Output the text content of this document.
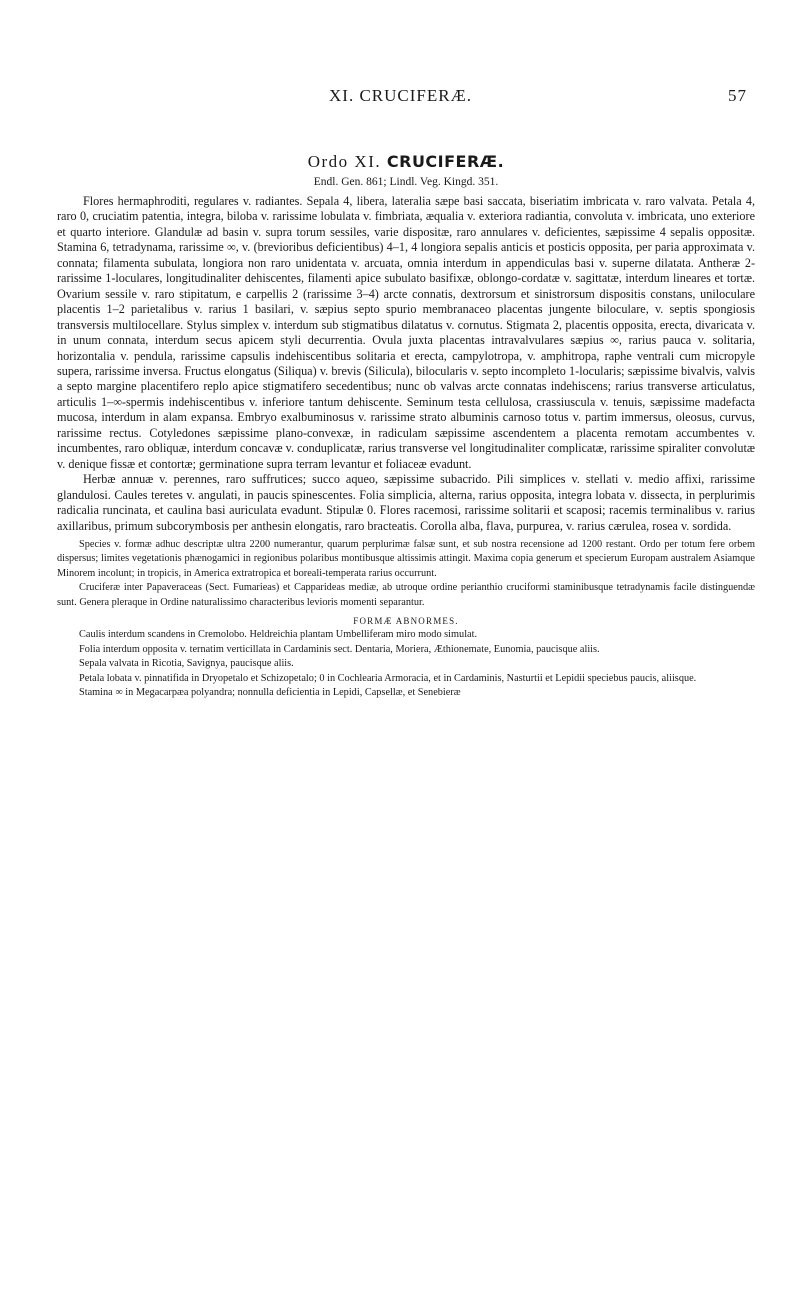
XI. CRUCIFERÆ.	57
Ordo XI. CRUCIFERÆ.
Endl. Gen. 861; Lindl. Veg. Kingd. 351.

Flores hermaphroditi, regulares v. radiantes. Sepala 4, libera, lateralia sæpe basi saccata, biseriatim imbricata v. raro valvata. Petala 4, raro 0, cruciatim patentia, integra, biloba v. rarissime lobulata v. fimbriata, æqualia v. exteriora radiantia, convoluta v. imbricata, uno exteriore et quarto interiore. Glandulæ ad basin v. supra torum sessiles, varie dispositæ, raro annulares v. deficientes, sæpissime 4 sepalis oppositæ. Stamina 6, tetradynama, rarissime ∞, v. (brevioribus deficientibus) 4–1, 4 longiora sepalis anticis et posticis opposita, per paria approximata v. connata; filamenta subulata, longiora non raro unidentata v. arcuata, omnia interdum in appendiculas basi v. superne dilatata. Antheræ 2- rarissime 1-loculares, longitudinaliter dehiscentes, filamenti apice subulato basifixæ, oblongo-cordatæ v. sagittatæ, interdum lineares et tortæ. Ovarium sessile v. raro stipitatum, e carpellis 2 (rarissime 3–4) arcte connatis, dextrorsum et sinistrorsum dispositis constans, uniloculare placentis 1–2 parietalibus v. rarius 1 basilari, v. sæpius septo spurio membranaceo placentas jungente biloculare, v. septis spongiosis transversis multilocellare. Stylus simplex v. interdum sub stigmatibus dilatatus v. cornutus. Stigmata 2, placentis opposita, erecta, divaricata v. in unum connata, interdum secus apicem styli decurrentia. Ovula juxta placentas intravalvulares sæpius ∞, rarius pauca v. solitaria, horizontalia v. pendula, rarissime capsulis indehiscentibus solitaria et erecta, campylotropa, v. amphitropa, raphe ventrali cum micropyle supera, rarissime inversa. Fructus elongatus (Siliqua) v. brevis (Silicula), bilocularis v. septo incompleto 1-locularis; sæpissime bivalvis, valvis a septo margine placentifero replo apice stigmatifero secedentibus; nunc ob valvas arcte connatas indehiscens; rarius transverse articulatus, articulis 1–∞-spermis indehiscentibus v. inferiore tantum dehiscente. Seminum testa cellulosa, crassiuscula v. tenuis, sæpissime madefacta mucosa, interdum in alam expansa. Embryo exalbuminosus v. rarissime strato albuminis carnoso totus v. partim immersus, oleosus, curvus, rarissime rectus. Cotyledones sæpissime plano-convexæ, in radiculam sæpissime ascendentem a placenta remotam accumbentes v. incumbentes, raro obliquæ, interdum concavæ v. conduplicatæ, rarius transverse vel longitudinaliter complicatæ, rarissime spiraliter convolutæ v. denique fissæ et contortæ; germinatione supra terram levantur et foliaceæ evadunt.

Herbæ annuæ v. perennes, raro suffrutices; succo aqueo, sæpissime subacrido. Pili simplices v. stellati v. medio affixi, rarissime glandulosi. Caules teretes v. angulati, in paucis spinescentes. Folia simplicia, alterna, rarius opposita, integra lobata v. dissecta, in perplurimis radicalia runcinata, et caulina basi auriculata evadunt. Stipulæ 0. Flores racemosi, rarissime solitarii et scaposi; racemis terminalibus v. rarius axillaribus, primum subcorymbosis per anthesin elongatis, raro bracteatis. Corolla alba, flava, purpurea, v. rarius cærulea, rosea v. sordida.

Species v. formæ adhuc descriptæ ultra 2200 numerantur, quarum perplurimæ falsæ sunt, et sub nostra recensione ad 1200 restant. Ordo per totum fere orbem dispersus; limites vegetationis phænogamici in regionibus polaribus montibusque altissimis attingit. Maxima copia generum et specierum Europam australem Asiamque Minorem incolunt; in tropicis, in America extratropica et boreali-temperata rarius occurrunt.

Cruciferæ inter Papaveraceas (Sect. Fumarieas) et Capparideas mediæ, ab utroque ordine perianthio cruciformi staminibusque tetradynamis facile distinguendæ sunt. Genera pleraque in Ordine naturalissimo characteribus levioris momenti separantur.

FORMÆ ABNORMES.

Caulis interdum scandens in Cremolobo. Heldreichia plantam Umbelliferam miro modo simulat.

Folia interdum opposita v. ternatim verticillata in Cardaminis sect. Dentaria, Moriera, Æthionemate, Eunomia, paucisque aliis.

Sepala valvata in Ricotia, Savignya, paucisque aliis.

Petala lobata v. pinnatifida in Dryopetalo et Schizopetalo; 0 in Cochlearia Armoracia, et in Cardaminis, Nasturtii et Lepidii speciebus paucis, aliisque.

Stamina ∞ in Megacarpæa polyandra; nonnulla deficientia in Lepidi, Capsellæ, et Senebieræ
